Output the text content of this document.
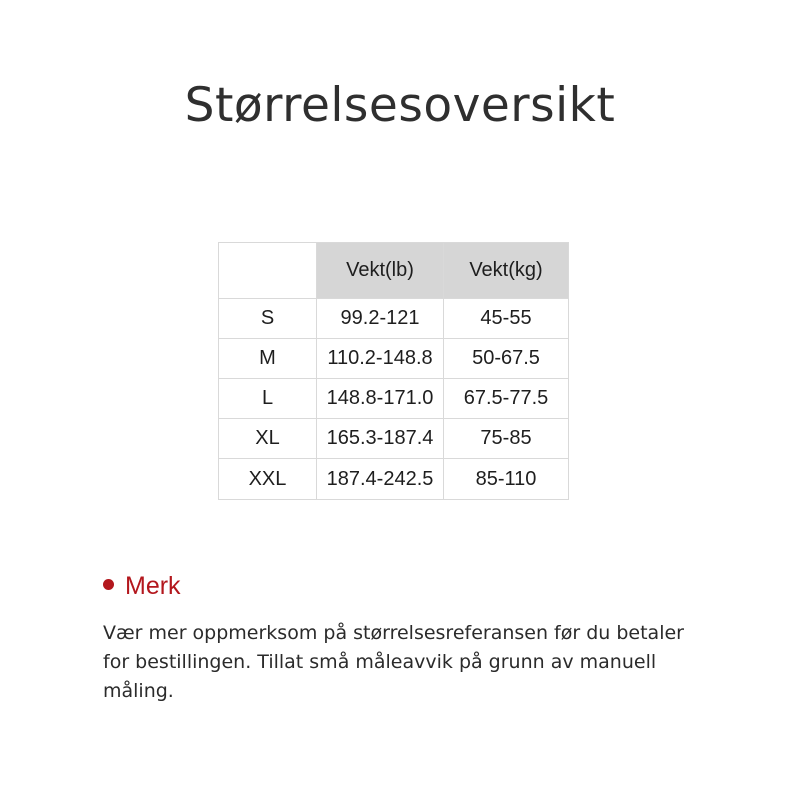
Størrelsesoversikt
	Vekt(lb)	Vekt(kg)
S	99.2-121	45-55
M	110.2-148.8	50-67.5
L	148.8-171.0	67.5-77.5
XL	165.3-187.4	75-85
XXL	187.4-242.5	85-110
Merk

Vær mer oppmerksom på størrelsesreferansen før du betaler for bestillingen. Tillat små måleavvik på grunn av manuell måling.
